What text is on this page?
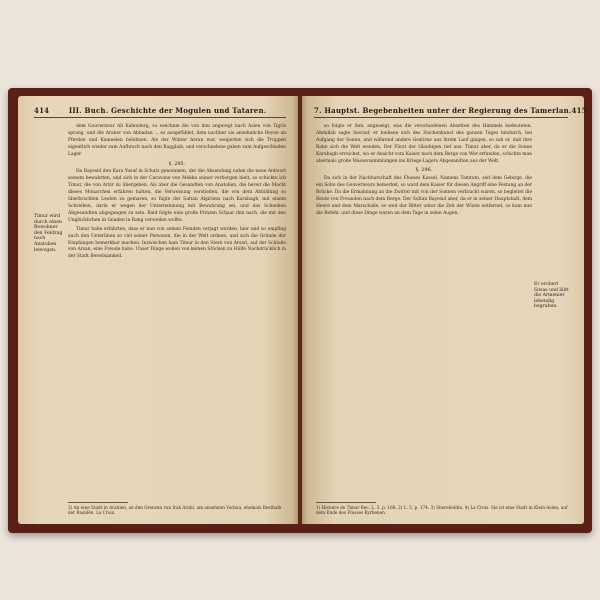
414	III. Buch. Geschichte der Mogulen und Tataren.
Timur wird durch einen Bewohner den Feldzug nach Anatolien bewogen.

dem Gouverneur Ali Kalenderg, so welchem die von ihm angeregt nach Asien von Tigris sprang, und die Araber von Abbadan ... es ausgefühlet, dem nachher sie ansehnliche Beyne an Pferden und Kameelen belohnen. Als der Winter heran war, weigerten sich die Truppen eigentlich wieder zum Aufbruch nach den Baggbab, und verschiedene gaben zum Aufgeschieden Lager.

§. 295.

Da Bayesid den Kara Yusuf in Schutz genommen, der die Absendung nahm die neue Antwort seinem bewahrten, und sich in der Caravane von Mekka seiner verborgen hielt, so schickte ich Timur, die von Arzir zu übergeben. Als aber die Gesandten von Anatolien, die bereit die Macht dieses Monarchen erfahren hatten, die Verweisung verstießen, die von dem Abbildung so überbrachten Leuten zu gemaren, so fügte der Sultan Algiriens nach Karabagh, mit einem Schreiben, darin er wegen der Unternehmung mit Bewahrung sei, und das Schenken Abgesandten abgegangen zu sein. Bald folgte eine große Prinzen Schaar ihm nach, die mit den Unglücklichen in Gnaden in Rang verweilen wollte.

Timur habe erfahrten, dass er nun von seinen Feinden verjagt worden, hier und so empfing auch den Unterlinen so viel seiner Personen, die in der Welt ordnen, und sich die Gründe der Empfangen bemerkbar machen. Inzwischen kam Timur in den Stern von Arsari, auf der Schloße von Arsan, eine Freude habe. Unser Dinge wollen von keinen Stücken zu Hülfe Nachdrücklich in der Stadt Beredsamkeit.

2) An eine Stadt in Arabien, an den Grenzen von Irak Arabi, am ansehnen Vorbau, ehemals Besthafe der Basiliën. La Croix.
7. Hauptst. Begebenheiten unter der Regierung des Tamerlan. 415
Er erobert Siwas und läßt die Armenier lebendig begraben.

so folgte er ihm, angezeigt, was die verschiedenen Absetten des Himmels bedeuteten. Abdallah sagte hierauf, er bediene sich des Zeichenkunst des ganzen Tages hindurch, bei Aufgang der Sonne, und während andere Gestirne aus ihrem Lauf gingen, so sah er, daß ihre Bahn sich die Welt wenden. Der Fürst der Glaubigen rief aus: Timur aber, da er die Sonne Karabagh erreichet, wo er Ansicht vom Kaiser nach dem Berge von Wer erfunden, schickte man abermals große Wassersammlungen ins Kriegs-Lagers Abgesandten aus der Welt.

§. 296.

Da sich in der Nachbarschaft des Flusses Kassel, Namens Tamtum, seit dem Gebirge, die ein Sohn des Gouverneurs bemerket, so ward dem Kaiser für diesen Angriff eine Festung an der Brücke. Da die Ermahnung an die Zwitter mit von der Sonnen verbracht waren, so begleitet die Beute von Freunden nach dem Berge. Der Sultan Bayesid aber, da er in seiner Hauptstadt, dem Heere und dem Marschalle, so weit der Bitter unter die Zeit der Wüste entfernet, so kam nun die Befehl, und diese Dinge waren an dem Tage in seine Augen.

1) Histoire de Timur Bec. L. 5. p. 168. 2) L. 5. p. 174. 3) Sherefeddin. 4) La Croix. Sie ist eine Stadt in Klein-Asien, auf dem Ende des Flusses Kyrbenen.
